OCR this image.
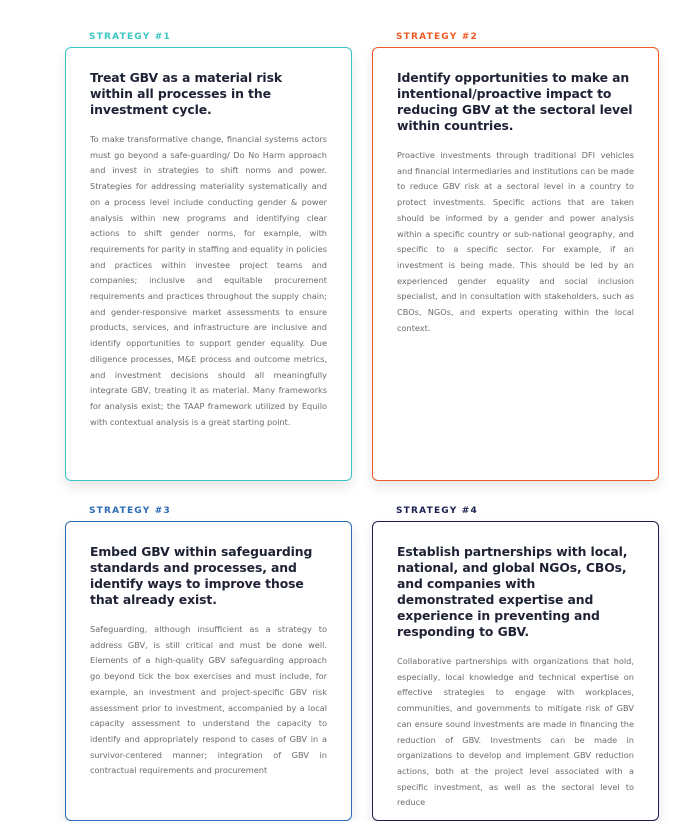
STRATEGY #1
Treat GBV as a material risk within all processes in the investment cycle.

To make transformative change, financial systems actors must go beyond a safe-guarding/ Do No Harm approach and invest in strategies to shift norms and power. Strategies for addressing materiality systematically and on a process level include conducting gender & power analysis within new programs and identifying clear actions to shift gender norms, for example, with requirements for parity in staffing and equality in policies and practices within investee project teams and companies; inclusive and equitable procurement requirements and practices throughout the supply chain; and gender-responsive market assessments to ensure products, services, and infrastructure are inclusive and identify opportunities to support gender equality. Due diligence processes, M&E process and outcome metrics, and investment decisions should all meaningfully integrate GBV, treating it as material. Many frameworks for analysis exist; the TAAP framework utilized by Equilo with contextual analysis is a great starting point.

STRATEGY #2
Identify opportunities to make an intentional/proactive impact to reducing GBV at the sectoral level within countries.

Proactive investments through traditional DFI vehicles and financial intermediaries and institutions can be made to reduce GBV risk at a sectoral level in a country to protect investments. Specific actions that are taken should be informed by a gender and power analysis within a specific country or sub-national geography, and specific to a specific sector. For example, if an investment is being made. This should be led by an experienced gender equality and social inclusion specialist, and in consultation with stakeholders, such as CBOs, NGOs, and experts operating within the local context.

STRATEGY #3
Embed GBV within safeguarding standards and processes, and identify ways to improve those that already exist.

Safeguarding, although insufficient as a strategy to address GBV, is still critical and must be done well. Elements of a high-quality GBV safeguarding approach go beyond tick the box exercises and must include, for example, an investment and project-specific GBV risk assessment prior to investment, accompanied by a local capacity assessment to understand the capacity to identify and appropriately respond to cases of GBV in a survivor-centered manner; integration of GBV in contractual requirements and procurement

STRATEGY #4
Establish partnerships with local, national, and global NGOs, CBOs, and companies with demonstrated expertise and experience in preventing and responding to GBV.

Collaborative partnerships with organizations that hold, especially, local knowledge and technical expertise on effective strategies to engage with workplaces, communities, and governments to mitigate risk of GBV can ensure sound investments are made in financing the reduction of GBV. Investments can be made in organizations to develop and implement GBV reduction actions, both at the project level associated with a specific investment, as well as the sectoral level to reduce
